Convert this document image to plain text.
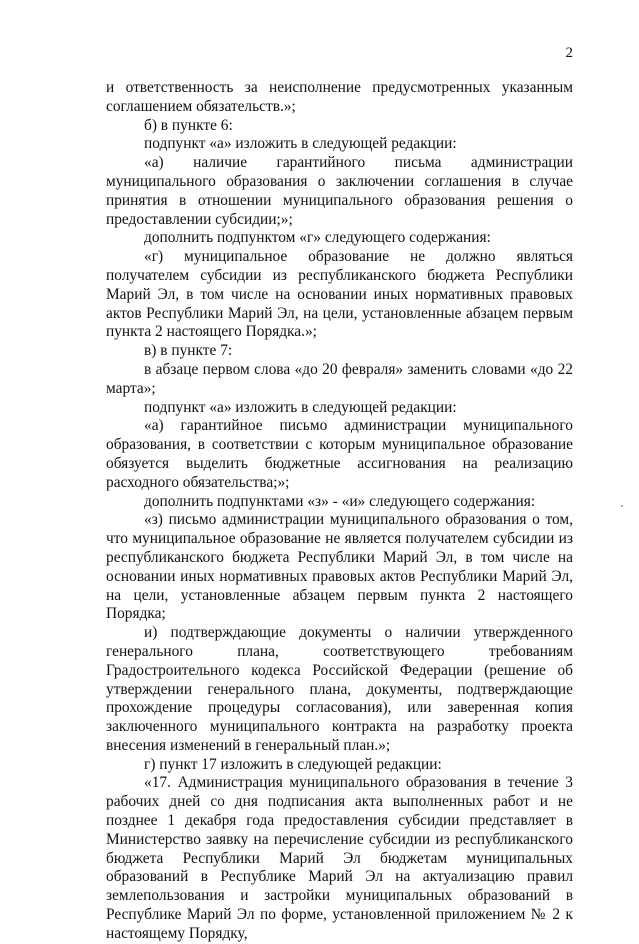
2

и ответственность за неисполнение предусмотренных указанным соглашением обязательств.»;

б) в пункте 6:

подпункт «а» изложить в следующей редакции:

«а) наличие гарантийного письма администрации муниципального образования о заключении соглашения в случае принятия в отношении муниципального образования решения о предоставлении субсидии;»;

дополнить подпунктом «г» следующего содержания:

«г) муниципальное образование не должно являться получателем субсидии из республиканского бюджета Республики Марий Эл, в том числе на основании иных нормативных правовых актов Республики Марий Эл, на цели, установленные абзацем первым пункта 2 настоящего Порядка.»;

в) в пункте 7:

в абзаце первом слова «до 20 февраля» заменить словами «до 22 марта»;

подпункт «а» изложить в следующей редакции:

«а) гарантийное письмо администрации муниципального образования, в соответствии с которым муниципальное образование обязуется выделить бюджетные ассигнования на реализацию расходного обязательства;»;

дополнить подпунктами «з» - «и» следующего содержания:

«з) письмо администрации муниципального образования о том, что муниципальное образование не является получателем субсидии из республиканского бюджета Республики Марий Эл, в том числе на основании иных нормативных правовых актов Республики Марий Эл, на цели, установленные абзацем первым пункта 2 настоящего Порядка;

и) подтверждающие документы о наличии утвержденного генерального плана, соответствующего требованиям Градостроительного кодекса Российской Федерации (решение об утверждении генерального плана, документы, подтверждающие прохождение процедуры согласования), или заверенная копия заключенного муниципального контракта на разработку проекта внесения изменений в генеральный план.»;

г) пункт 17 изложить в следующей редакции:

«17. Администрация муниципального образования в течение 3 рабочих дней со дня подписания акта выполненных работ и не позднее 1 декабря года предоставления субсидии представляет в Министерство заявку на перечисление субсидии из республиканского бюджета Республики Марий Эл бюджетам муниципальных образований в Республике Марий Эл на актуализацию правил землепользования и застройки муниципальных образований в Республике Марий Эл по форме, установленной приложением № 2 к настоящему Порядку,
